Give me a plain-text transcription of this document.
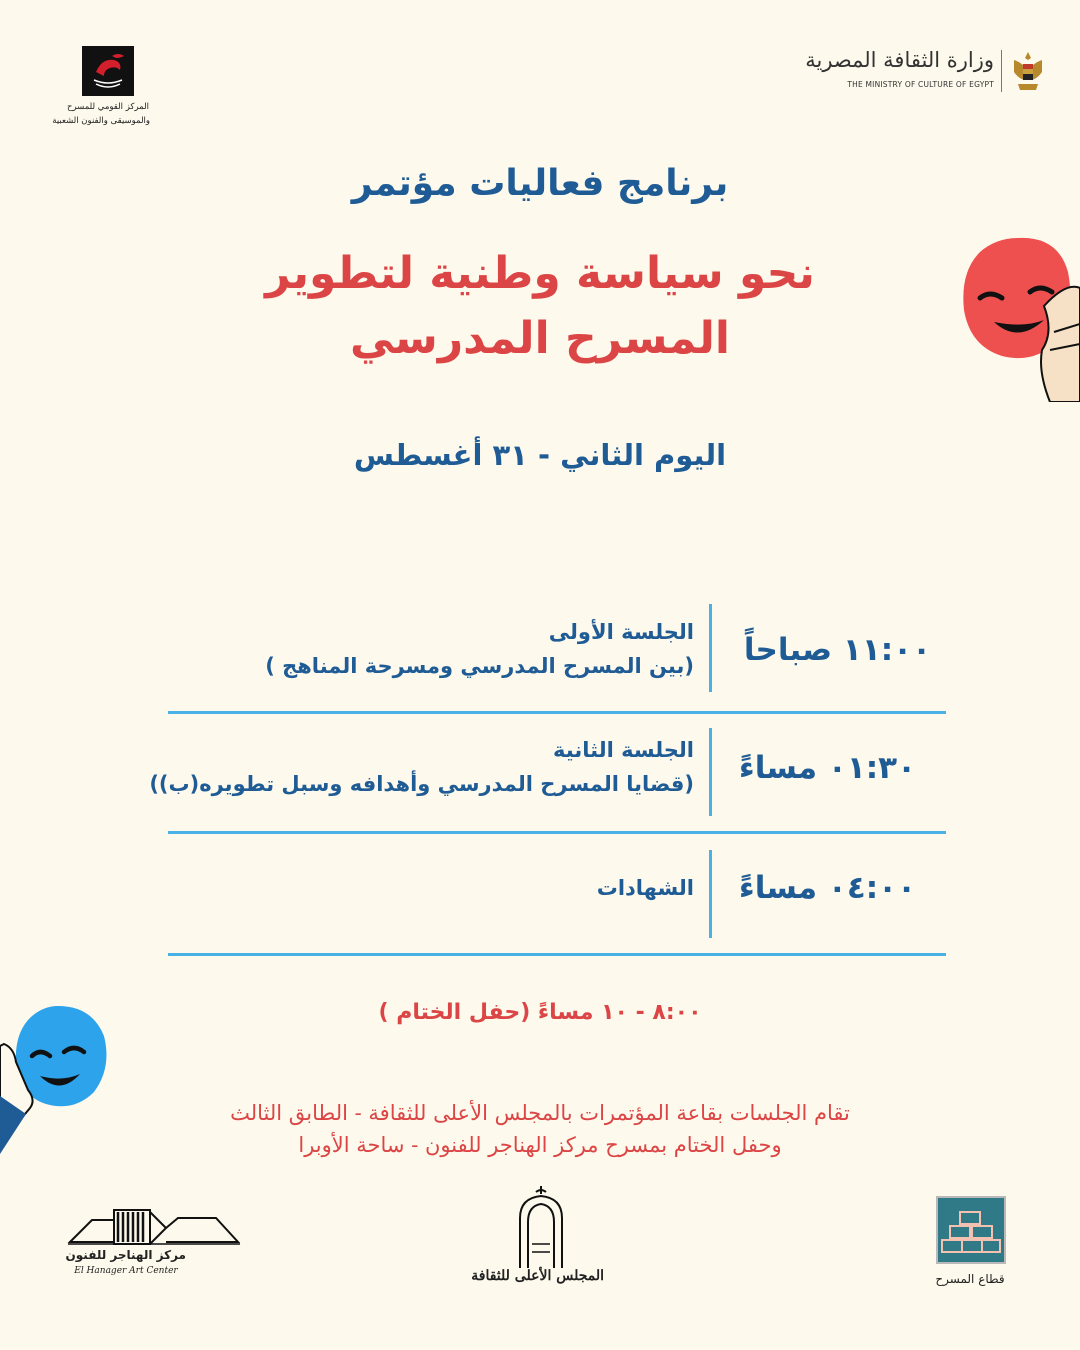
وزارة الثقافة المصرية
THE MINISTRY OF CULTURE OF EGYPT
المركز القومي للمسرح
والموسيقى والفنون الشعبية
برنامج فعاليات مؤتمر
نحو سياسة وطنية لتطوير
المسرح المدرسي
اليوم الثاني - ٣١ أغسطس
١١:٠٠ صباحاً
الجلسة الأولى
(بين المسرح المدرسي ومسرحة المناهج )
٠١:٣٠ مساءً
الجلسة الثانية
(قضايا المسرح المدرسي وأهدافه وسبل تطويره(ب))
٠٤:٠٠ مساءً
الشهادات
٨:٠٠ - ١٠ مساءً (حفل الختام )
تقام الجلسات بقاعة المؤتمرات بالمجلس الأعلى للثقافة - الطابق الثالث
وحفل الختام بمسرح مركز الهناجر للفنون - ساحة الأوبرا
مركز الهناجر للفنون
El Hanager Art Center	المجلس الأعلى للثقافة	قطاع المسرح
